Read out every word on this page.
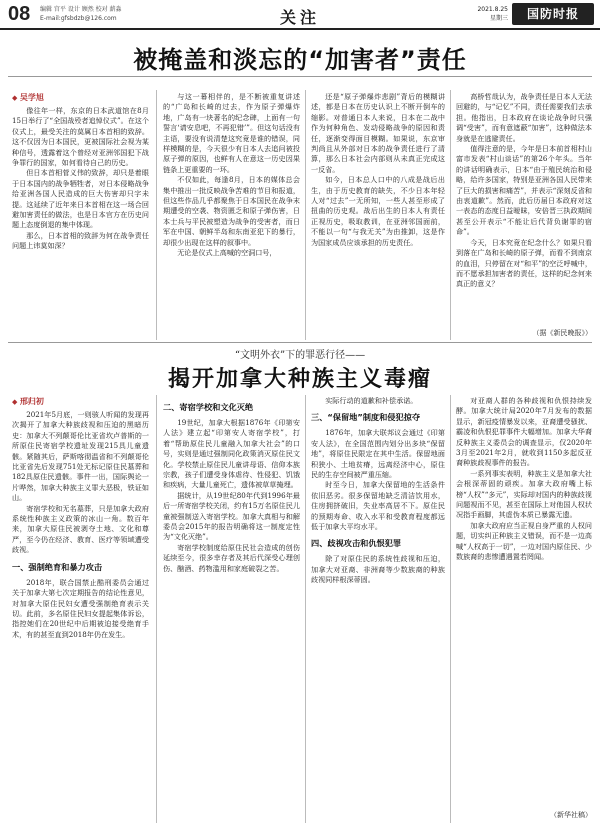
08 编辑 宫平 设计 顾然 校对 薪淼
E-mail:gfsbdzb@126.com	关注	2021.8.25
星期三	国防时报
被掩盖和淡忘的“加害者”责任
◆ 吴学旭

像往年一样，东京的日本武道馆在8月15日举行了“全国战殁者追悼仪式”。在这个仪式上，最受关注的莫属日本首相的致辞。这不仅因为日本国民，更被国际社会视为某种信号，透露着这个曾经对亚洲邻国犯下战争罪行的国家，如何看待自己的历史。

但日本首相菅义伟的致辞，却只是着眼于日本国内的战争牺牲者，对日本侵略战争给亚洲各国人民造成的巨大伤害却只字未提。这延续了近年来日本首相在这一场合回避加害责任的做法，也是日本官方在历史问题上态度倒退的集中体现。

那么，日本首相的致辞为何在战争责任问题上讳莫如深？

与这一幕相伴的，是不断被重复讲述的“广岛和长崎的过去，作为原子弹爆炸地，广岛有一块著名的纪念碑，上面有一句誓言‘请安息吧，不再犯错’”。但这句话没有主语，要没有说清楚这究竟是谁的错误，同样模糊的是，今天很少有日本人去追问被投原子弹的原因，也鲜有人在意这一历史因果链条上更重要的一环。

不仅如此，每逢8月，日本的媒体总会集中推出一批反映战争苦难的节目和报道，但这些作品几乎都聚焦于日本国民在战争末期遭受的空袭、物资匮乏和原子弹伤害，日本士兵与平民被塑造为战争的受害者，而日军在中国、朝鲜半岛和东南亚犯下的暴行，却很少出现在这样的叙事中。

无论是仪式上高喊的空洞口号，

还是“原子弹爆炸悲剧”背后的模糊讲述，都是日本在历史认识上不断开倒车的缩影。对普通日本人来说，日本在二战中作为何种角色、发动侵略战争的原因和责任，逐渐变得面目模糊。如果说，东京审判尚且从外部对日本的战争责任进行了清算，那么日本社会内部则从未真正完成这一反省。

如今，日本总人口中的八成是战后出生，由于历史教育的缺失，不少日本年轻人对“过去”一无所知，一些人甚至形成了扭曲的历史观。战后出生的日本人有责任正视历史，吸取教训，在亚洲邻国面前，不能以一句“与我无关”为由推卸，这是作为国家成员应该承担的历史责任。

高桥哲哉认为，战争责任是日本人无法回避的，与“记忆”不同，责任需要我们去承担。他指出，日本政府在谈论战争时只强调“受害”，而有意遮蔽“加害”，这种做法本身就是在逃避责任。

值得注意的是，今年是日本前首相村山富市发表“村山谈话”的第26个年头。当年的讲话明确表示，日本“由于殖民统治和侵略，给许多国家，特别是亚洲各国人民带来了巨大的损害和痛苦”，并表示“深刻反省和由衷道歉”。然而，此后历届日本政府对这一表态的态度日益暧昧，安倍晋三执政期间甚至公开表示“不能让后代背负谢罪的宿命”。

今天，日本究竟在纪念什么？如果只看到落在广岛和长崎的原子弹，而看不到南京的血泪，只停留在对“和平”的空泛呼喊中，而不愿承担加害者的责任，这样的纪念何来真正的意义？

（据《新民晚报》）

“文明外衣”下的罪恶行径——
揭开加拿大种族主义毒瘤
◆ 邢归初

2021年5月底，一则骇人听闻的发现再次揭开了加拿大种族歧视和压迫的黑暗历史：加拿大不列颠哥伦比亚省坎卢普斯的一所原住民寄宿学校遗址发现215具儿童遗骸。紧随其后，萨斯喀彻温省和不列颠哥伦比亚省先后发现751处无标记原住民墓葬和182具原住民遗骸。事件一出，国际舆论一片哗然，加拿大种族主义罪大恶极，铁证如山。

寄宿学校和无名墓葬，只是加拿大政府系统性种族主义政策的冰山一角。数百年来，加拿大原住民被剥夺土地、文化和尊严，至今仍在经济、教育、医疗等领域遭受歧视。

一、强制绝育和暴力攻击

2018年，联合国禁止酷刑委员会通过关于加拿大第七次定期报告的结论性意见，对加拿大原住民妇女遭受强制绝育表示关切。此前，多名原住民妇女提起集体诉讼，指控她们在20世纪中后期被迫接受绝育手术，有的甚至直到2018年仍在发生。

二、寄宿学校和文化灭绝

19世纪，加拿大根据1876年《印第安人法》建立起“印第安人寄宿学校”，打着“帮助原住民儿童融入加拿大社会”的口号，实则是通过强制同化政策消灭原住民文化。学校禁止原住民儿童讲母语、信仰本族宗教，孩子们遭受身体虐待、性侵犯、饥饿和疾病，大量儿童死亡，遗体被草草掩埋。

据统计，从19世纪80年代到1996年最后一所寄宿学校关闭，约有15万名原住民儿童被强制送入寄宿学校。加拿大真相与和解委员会2015年的报告明确将这一制度定性为“文化灭绝”。

寄宿学校制度给原住民社会造成的创伤延续至今，很多幸存者及其后代深受心理创伤、酗酒、药物滥用和家庭破裂之苦。

实际行动的道歉和补偿承诺。

三、“保留地”制度和侵犯掠夺

1876年，加拿大联邦议会通过《印第安人法》，在全国范围内划分出多块“保留地”，将原住民限定在其中生活。保留地面积狭小、土地贫瘠，远离经济中心，原住民的生存空间被严重压缩。

时至今日，加拿大保留地的生活条件依旧恶劣。很多保留地缺乏清洁饮用水，住房拥挤破旧，失业率高居不下。原住民的预期寿命、收入水平和受教育程度都远低于加拿大平均水平。

四、歧视攻击和仇恨犯罪

除了对原住民的系统性歧视和压迫，加拿大对亚裔、非洲裔等少数族裔的种族歧视同样根深蒂固。

对亚裔人群的各种歧视和仇恨持续发酵。加拿大统计局2020年7月发布的数据显示，新冠疫情暴发以来，亚裔遭受骚扰、霸凌和仇恨犯罪事件大幅增加。加拿大华裔反种族主义委员会的调查显示，仅2020年3月至2021年2月，就收到1150多起反亚裔种族歧视事件的报告。

一系列事实表明，种族主义是加拿大社会根深蒂固的顽疾。加拿大政府嘴上标榜“人权”“多元”，实际却对国内的种族歧视问题视而不见，甚至在国际上对他国人权状况指手画脚，其虚伪本质已暴露无遗。

加拿大政府应当正视自身严重的人权问题，切实纠正种族主义错误，而不是一边高喊“人权高于一切”，一边对国内原住民、少数族裔的悲惨遭遇置若罔闻。

（新华社稿）
